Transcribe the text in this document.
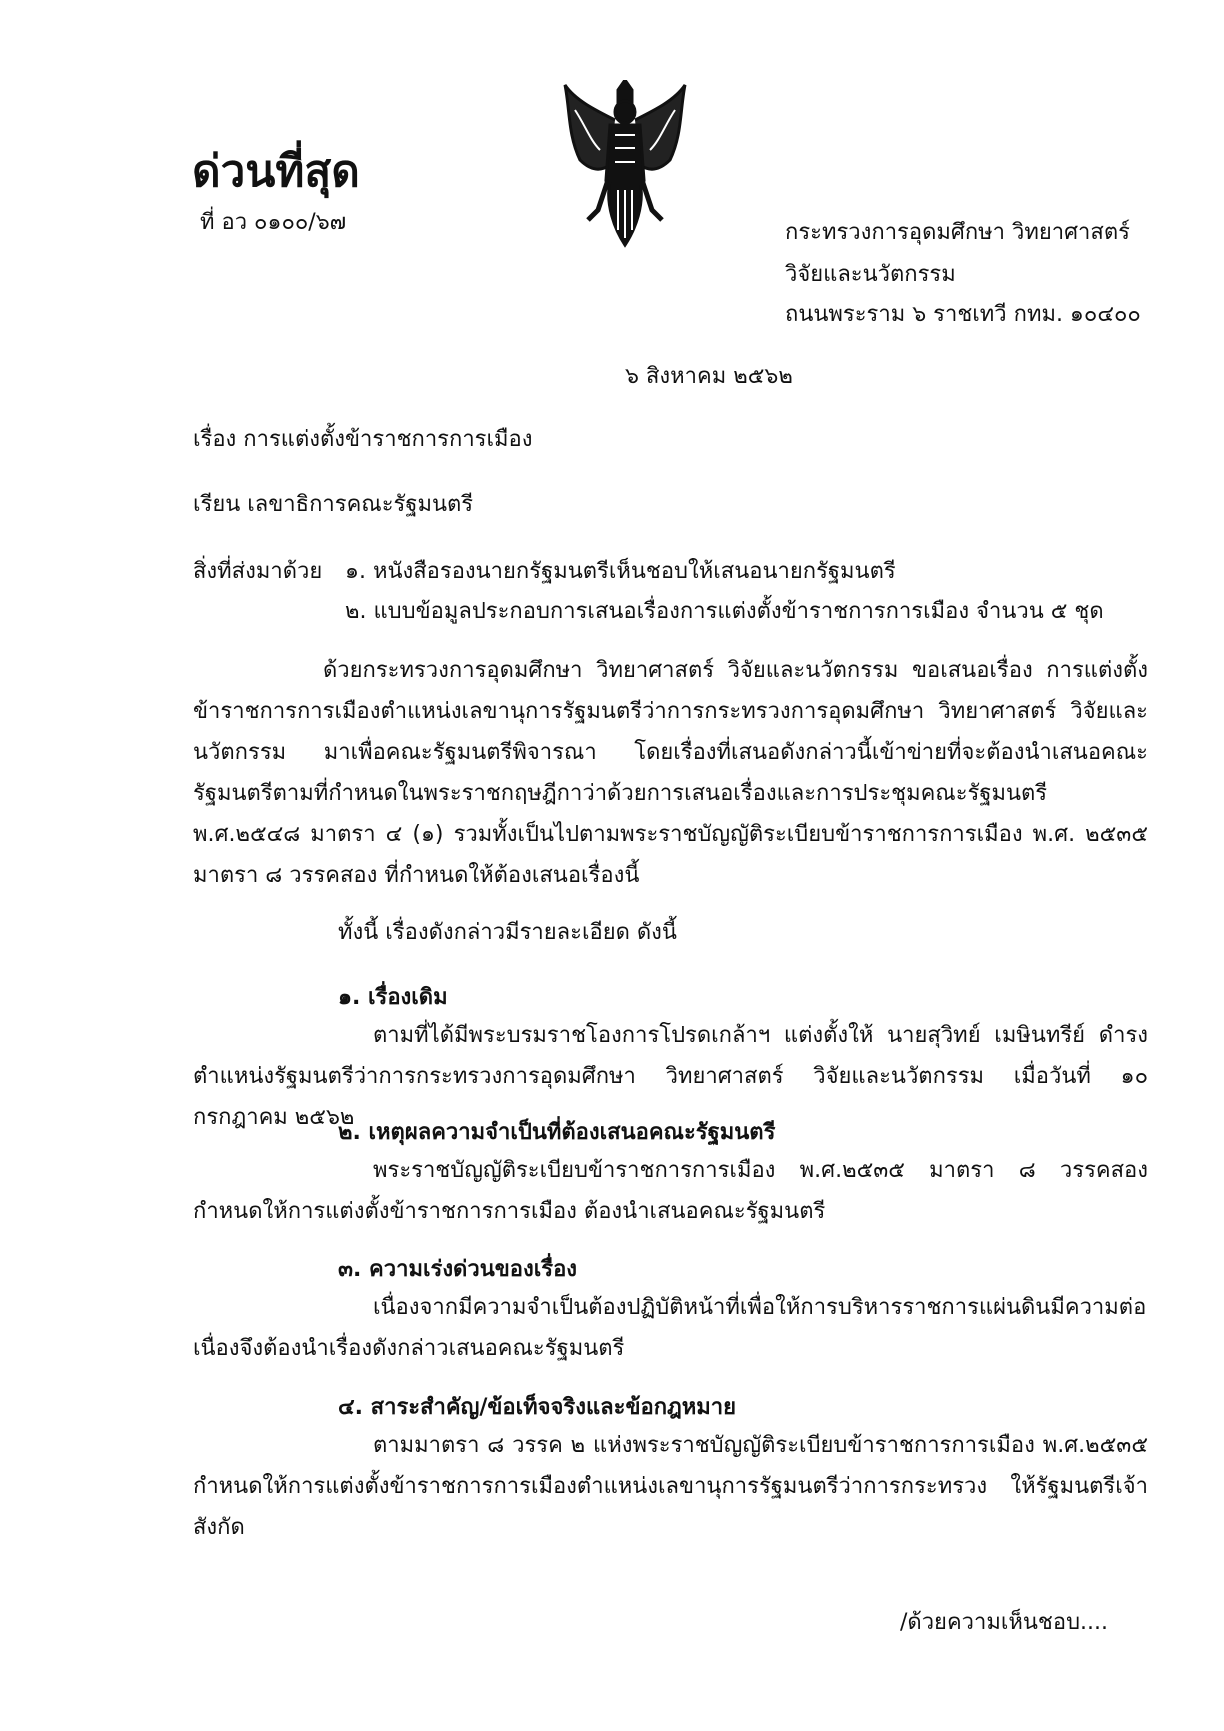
ด่วนที่สุด
ที่ อว ๐๑๐๐/๖๗	กระทรวงการอุดมศึกษา วิทยาศาสตร์
วิจัยและนวัตกรรม
ถนนพระราม ๖ ราชเทวี กทม. ๑๐๔๐๐
๖ สิงหาคม ๒๕๖๒
เรื่อง การแต่งตั้งข้าราชการการเมือง
เรียน เลขาธิการคณะรัฐมนตรี
สิ่งที่ส่งมาด้วย ๑. หนังสือรองนายกรัฐมนตรีเห็นชอบให้เสนอนายกรัฐมนตรี
๒. แบบข้อมูลประกอบการเสนอเรื่องการแต่งตั้งข้าราชการการเมือง จำนวน ๕ ชุด
ด้วยกระทรวงการอุดมศึกษา วิทยาศาสตร์ วิจัยและนวัตกรรม ขอเสนอเรื่อง การแต่งตั้งข้าราชการการเมืองตำแหน่งเลขานุการรัฐมนตรีว่าการกระทรวงการอุดมศึกษา วิทยาศาสตร์ วิจัยและนวัตกรรม มาเพื่อคณะรัฐมนตรีพิจารณา โดยเรื่องที่เสนอดังกล่าวนี้เข้าข่ายที่จะต้องนำเสนอคณะรัฐมนตรีตามที่กำหนดในพระราชกฤษฎีกาว่าด้วยการเสนอเรื่องและการประชุมคณะรัฐมนตรี พ.ศ.๒๕๔๘ มาตรา ๔ (๑) รวมทั้งเป็นไปตามพระราชบัญญัติระเบียบข้าราชการการเมือง พ.ศ. ๒๕๓๕ มาตรา ๘ วรรคสอง ที่กำหนดให้ต้องเสนอเรื่องนี้
ทั้งนี้ เรื่องดังกล่าวมีรายละเอียด ดังนี้
๑. เรื่องเดิม
ตามที่ได้มีพระบรมราชโองการโปรดเกล้าฯ แต่งตั้งให้ นายสุวิทย์ เมษินทรีย์ ดำรงตำแหน่งรัฐมนตรีว่าการกระทรวงการอุดมศึกษา วิทยาศาสตร์ วิจัยและนวัตกรรม เมื่อวันที่ ๑๐ กรกฎาคม ๒๕๖๒
๒. เหตุผลความจำเป็นที่ต้องเสนอคณะรัฐมนตรี
พระราชบัญญัติระเบียบข้าราชการการเมือง พ.ศ.๒๕๓๕ มาตรา ๘ วรรคสอง กำหนดให้การแต่งตั้งข้าราชการการเมือง ต้องนำเสนอคณะรัฐมนตรี
๓. ความเร่งด่วนของเรื่อง
เนื่องจากมีความจำเป็นต้องปฏิบัติหน้าที่เพื่อให้การบริหารราชการแผ่นดินมีความต่อเนื่องจึงต้องนำเรื่องดังกล่าวเสนอคณะรัฐมนตรี
๔. สาระสำคัญ/ข้อเท็จจริงและข้อกฎหมาย
ตามมาตรา ๘ วรรค ๒ แห่งพระราชบัญญัติระเบียบข้าราชการการเมือง พ.ศ.๒๕๓๕ กำหนดให้การแต่งตั้งข้าราชการการเมืองตำแหน่งเลขานุการรัฐมนตรีว่าการกระทรวง ให้รัฐมนตรีเจ้าสังกัด
/ด้วยความเห็นชอบ....
